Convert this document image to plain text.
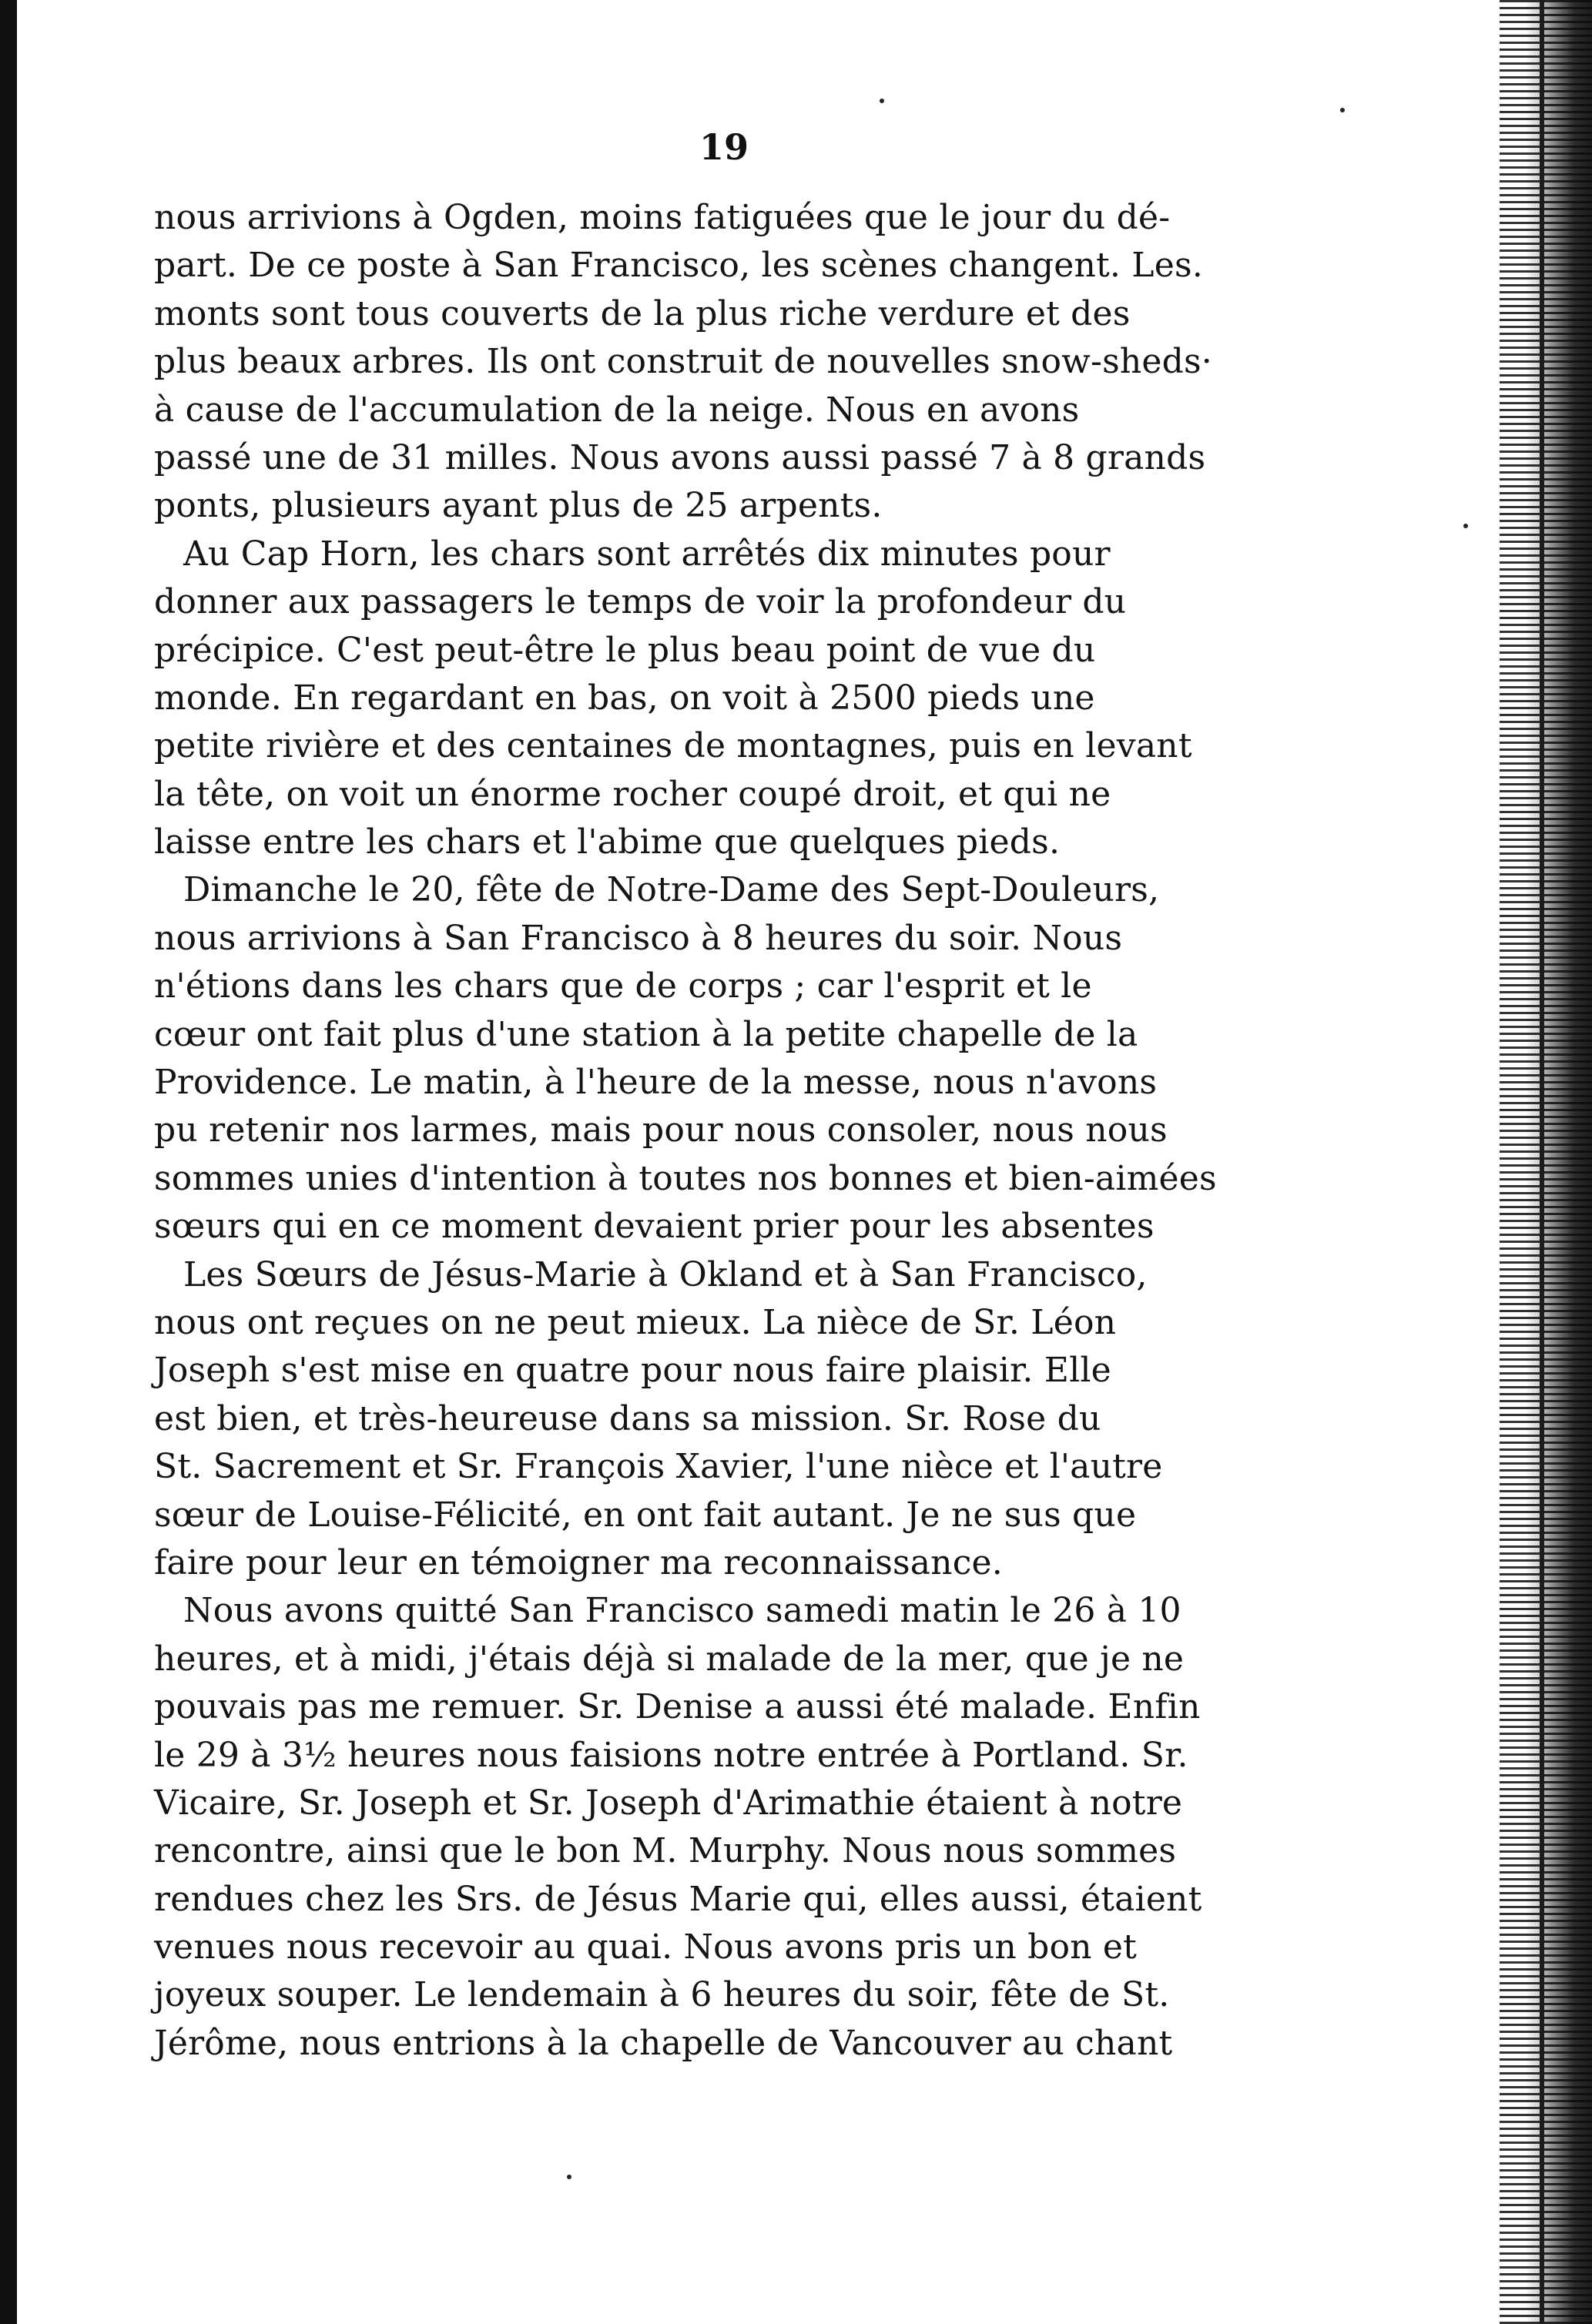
19
nous arrivions à Ogden, moins fatiguées que le jour du dé-
part. De ce poste à San Francisco, les scènes changent. Les.
monts sont tous couverts de la plus riche verdure et des
plus beaux arbres. Ils ont construit de nouvelles snow-sheds·
à cause de l'accumulation de la neige. Nous en avons
passé une de 31 milles. Nous avons aussi passé 7 à 8 grands
ponts, plusieurs ayant plus de 25 arpents.
Au Cap Horn, les chars sont arrêtés dix minutes pour
donner aux passagers le temps de voir la profondeur du
précipice. C'est peut-être le plus beau point de vue du
monde. En regardant en bas, on voit à 2500 pieds une
petite rivière et des centaines de montagnes, puis en levant
la tête, on voit un énorme rocher coupé droit, et qui ne
laisse entre les chars et l'abime que quelques pieds.
Dimanche le 20, fête de Notre-Dame des Sept-Douleurs,
nous arrivions à San Francisco à 8 heures du soir. Nous
n'étions dans les chars que de corps ; car l'esprit et le
cœur ont fait plus d'une station à la petite chapelle de la
Providence. Le matin, à l'heure de la messe, nous n'avons
pu retenir nos larmes, mais pour nous consoler, nous nous
sommes unies d'intention à toutes nos bonnes et bien-aimées
sœurs qui en ce moment devaient prier pour les absentes
Les Sœurs de Jésus-Marie à Okland et à San Francisco,
nous ont reçues on ne peut mieux. La nièce de Sr. Léon
Joseph s'est mise en quatre pour nous faire plaisir. Elle
est bien, et très-heureuse dans sa mission. Sr. Rose du
St. Sacrement et Sr. François Xavier, l'une nièce et l'autre
sœur de Louise-Félicité, en ont fait autant. Je ne sus que
faire pour leur en témoigner ma reconnaissance.
Nous avons quitté San Francisco samedi matin le 26 à 10
heures, et à midi, j'étais déjà si malade de la mer, que je ne
pouvais pas me remuer. Sr. Denise a aussi été malade. Enfin
le 29 à 3½ heures nous faisions notre entrée à Portland. Sr.
Vicaire, Sr. Joseph et Sr. Joseph d'Arimathie étaient à notre
rencontre, ainsi que le bon M. Murphy. Nous nous sommes
rendues chez les Srs. de Jésus Marie qui, elles aussi, étaient
venues nous recevoir au quai. Nous avons pris un bon et
joyeux souper. Le lendemain à 6 heures du soir, fête de St.
Jérôme, nous entrions à la chapelle de Vancouver au chant
